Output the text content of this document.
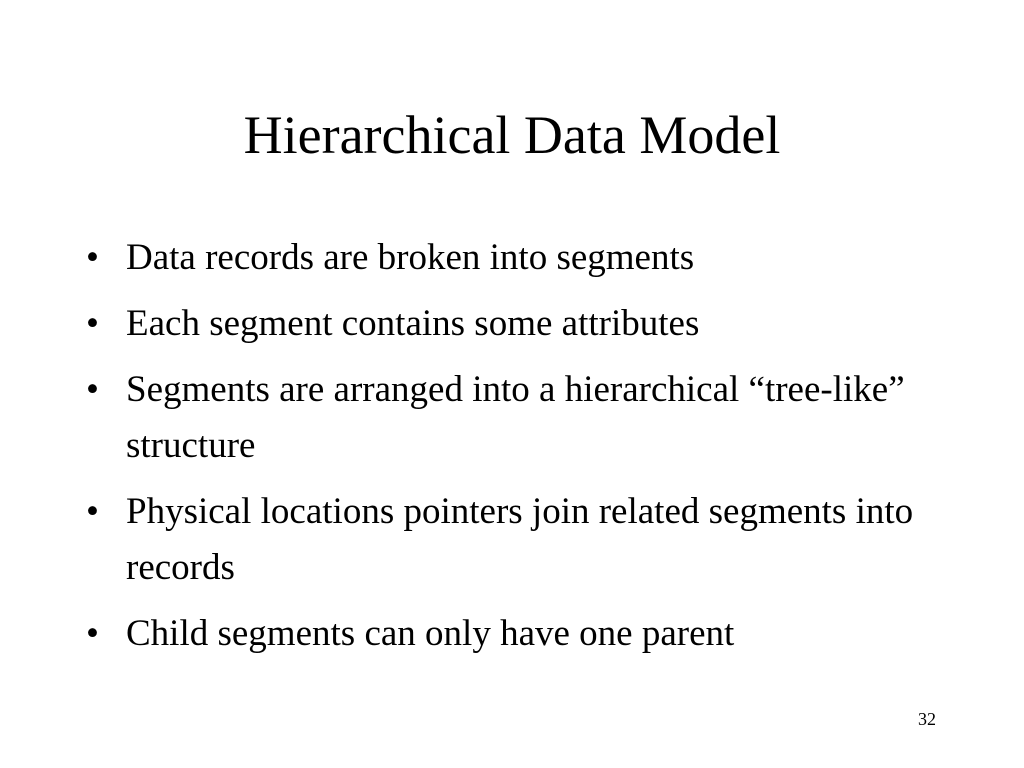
Hierarchical Data Model
• Data records are broken into segments
• Each segment contains some attributes
• Segments are arranged into a hierarchical “tree-like” structure
• Physical locations pointers join related segments into records
• Child segments can only have one parent
32
